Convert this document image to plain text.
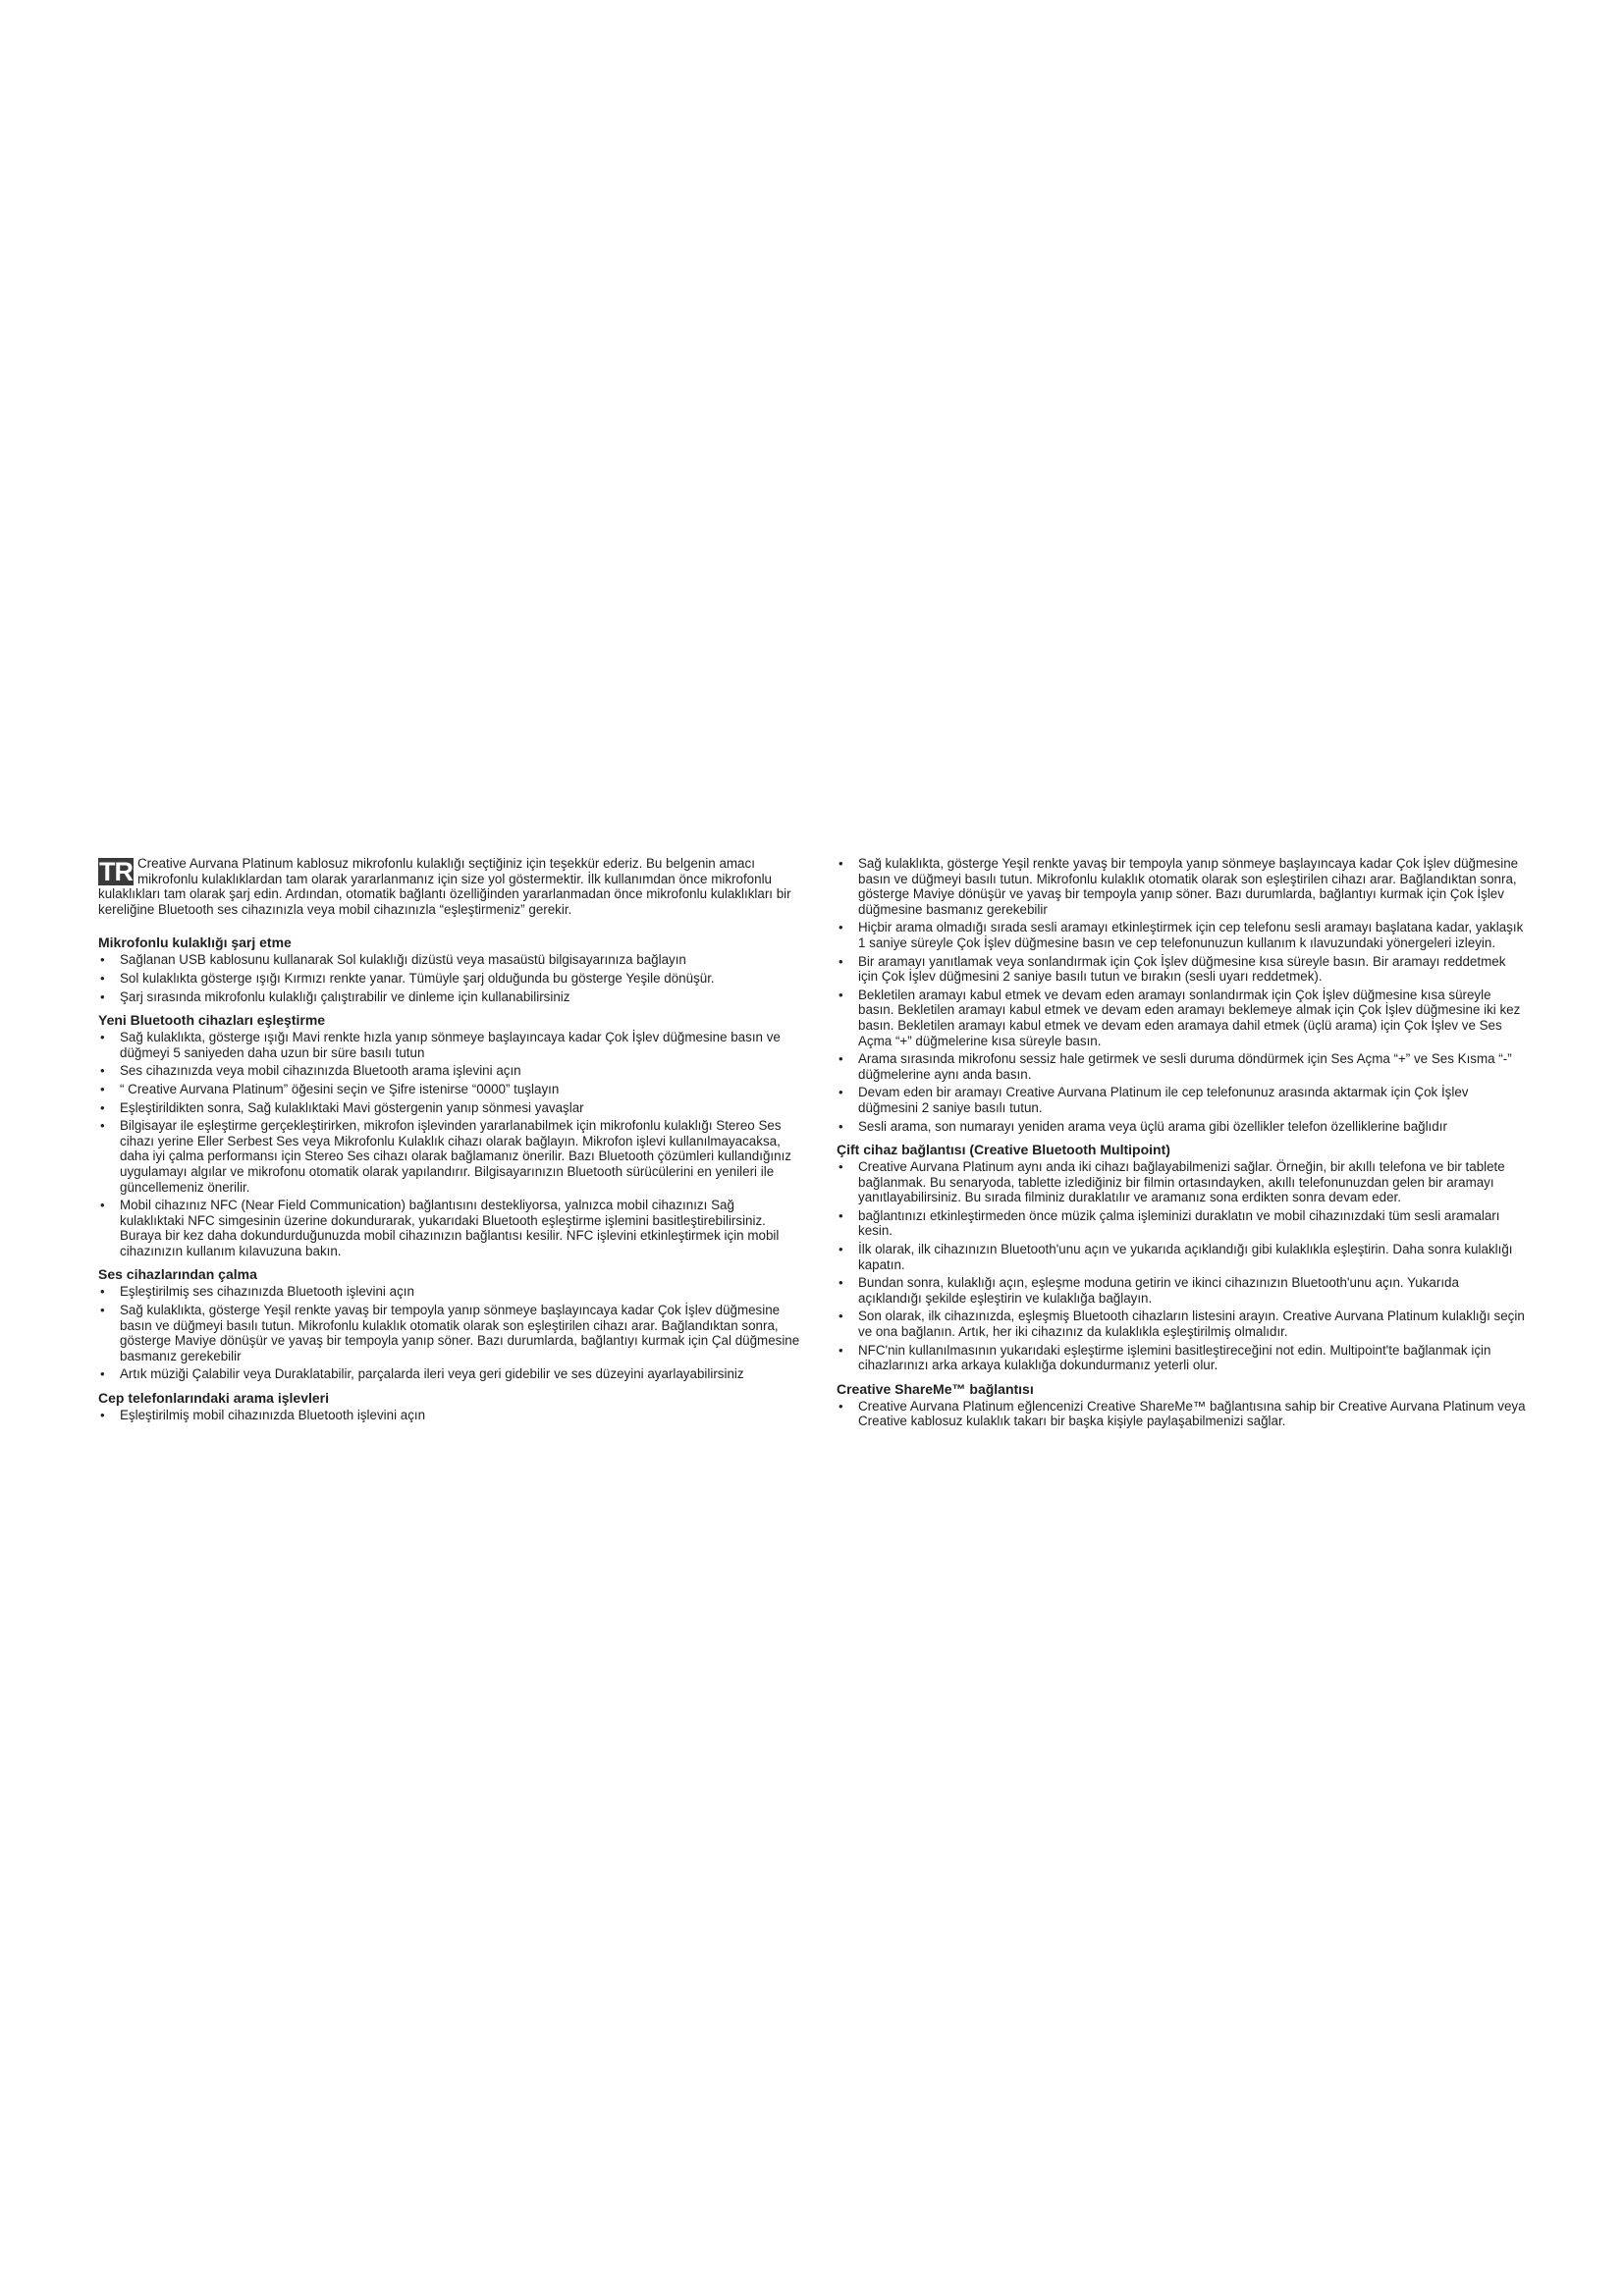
TR Creative Aurvana Platinum kablosuz mikrofonlu kulaklığı seçtiğiniz için teşekkür ederiz. Bu belgenin amacı mikrofonlu kulaklıklardan tam olarak yararlanmanız için size yol göstermektir. İlk kullanımdan önce mikrofonlu kulaklıkları tam olarak şarj edin. Ardından, otomatik bağlantı özelliğinden yararlanmadan önce mikrofonlu kulaklıkları bir kereliğine Bluetooth ses cihazınızla veya mobil cihazınızla “eşleştirmeniz” gerekir.

Mikrofonlu kulaklığı şarj etme
• Sağlanan USB kablosunu kullanarak Sol kulaklığı dizüstü veya masaüstü bilgisayarınıza bağlayın
• Sol kulaklıkta gösterge ışığı Kırmızı renkte yanar. Tümüyle şarj olduğunda bu gösterge Yeşile dönüşür.
• Şarj sırasında mikrofonlu kulaklığı çalıştırabilir ve dinleme için kullanabilirsiniz
Yeni Bluetooth cihazları eşleştirme
• Sağ kulaklıkta, gösterge ışığı Mavi renkte hızla yanıp sönmeye başlayıncaya kadar Çok İşlev düğmesine basın ve düğmeyi 5 saniyeden daha uzun bir süre basılı tutun
• Ses cihazınızda veya mobil cihazınızda Bluetooth arama işlevini açın
• “ Creative Aurvana Platinum” öğesini seçin ve Şifre istenirse “0000” tuşlayın
• Eşleştirildikten sonra, Sağ kulaklıktaki Mavi göstergenin yanıp sönmesi yavaşlar
• Bilgisayar ile eşleştirme gerçekleştirirken, mikrofon işlevinden yararlanabilmek için mikrofonlu kulaklığı Stereo Ses cihazı yerine Eller Serbest Ses veya Mikrofonlu Kulaklık cihazı olarak bağlayın. Mikrofon işlevi kullanılmayacaksa, daha iyi çalma performansı için Stereo Ses cihazı olarak bağlamanız önerilir. Bazı Bluetooth çözümleri kullandığınız uygulamayı algılar ve mikrofonu otomatik olarak yapılandırır. Bilgisayarınızın Bluetooth sürücülerini en yenileri ile güncellemeniz önerilir.
• Mobil cihazınız NFC (Near Field Communication) bağlantısını destekliyorsa, yalnızca mobil cihazınızı Sağ kulaklıktaki NFC simgesinin üzerine dokundurarak, yukarıdaki Bluetooth eşleştirme işlemini basitleştirebilirsiniz. Buraya bir kez daha dokundurduğunuzda mobil cihazınızın bağlantısı kesilir. NFC işlevini etkinleştirmek için mobil cihazınızın kullanım kılavuzuna bakın.
Ses cihazlarından çalma
• Eşleştirilmiş ses cihazınızda Bluetooth işlevini açın
• Sağ kulaklıkta, gösterge Yeşil renkte yavaş bir tempoyla yanıp sönmeye başlayıncaya kadar Çok İşlev düğmesine basın ve düğmeyi basılı tutun. Mikrofonlu kulaklık otomatik olarak son eşleştirilen cihazı arar. Bağlandıktan sonra, gösterge Maviye dönüşür ve yavaş bir tempoyla yanıp söner. Bazı durumlarda, bağlantıyı kurmak için Çal düğmesine basmanız gerekebilir
• Artık müziği Çalabilir veya Duraklatabilir, parçalarda ileri veya geri gidebilir ve ses düzeyini ayarlayabilirsiniz
Cep telefonlarındaki arama işlevleri
• Eşleştirilmiş mobil cihazınızda Bluetooth işlevini açın
• Sağ kulaklıkta, gösterge Yeşil renkte yavaş bir tempoyla yanıp sönmeye başlayıncaya kadar Çok İşlev düğmesine basın ve düğmeyi basılı tutun. Mikrofonlu kulaklık otomatik olarak son eşleştirilen cihazı arar. Bağlandıktan sonra, gösterge Maviye dönüşür ve yavaş bir tempoyla yanıp söner. Bazı durumlarda, bağlantıyı kurmak için Çok İşlev düğmesine basmanız gerekebilir
• Hiçbir arama olmadığı sırada sesli aramayı etkinleştirmek için cep telefonu sesli aramayı başlatana kadar, yaklaşık 1 saniye süreyle Çok İşlev düğmesine basın ve cep telefonunuzun kullanım k ılavuzundaki yönergeleri izleyin.
• Bir aramayı yanıtlamak veya sonlandırmak için Çok İşlev düğmesine kısa süreyle basın. Bir aramayı reddetmek için Çok İşlev düğmesini 2 saniye basılı tutun ve bırakın (sesli uyarı reddetmek).
• Bekletilen aramayı kabul etmek ve devam eden aramayı sonlandırmak için Çok İşlev düğmesine kısa süreyle basın. Bekletilen aramayı kabul etmek ve devam eden aramayı beklemeye almak için Çok İşlev düğmesine iki kez basın. Bekletilen aramayı kabul etmek ve devam eden aramaya dahil etmek (üçlü arama) için Çok İşlev ve Ses Açma “+” düğmelerine kısa süreyle basın.
• Arama sırasında mikrofonu sessiz hale getirmek ve sesli duruma döndürmek için Ses Açma “+” ve Ses Kısma “-” düğmelerine aynı anda basın.
• Devam eden bir aramayı Creative Aurvana Platinum ile cep telefonunuz arasında aktarmak için Çok İşlev düğmesini 2 saniye basılı tutun.
• Sesli arama, son numarayı yeniden arama veya üçlü arama gibi özellikler telefon özelliklerine bağlıdır
Çift cihaz bağlantısı (Creative Bluetooth Multipoint)
• Creative Aurvana Platinum aynı anda iki cihazı bağlayabilmenizi sağlar. Örneğin, bir akıllı telefona ve bir tablete bağlanmak. Bu senaryoda, tablette izlediğiniz bir filmin ortasındayken, akıllı telefonunuzdan gelen bir aramayı yanıtlayabilirsiniz. Bu sırada filminiz duraklatılır ve aramanız sona erdikten sonra devam eder.
• bağlantınızı etkinleştirmeden önce müzik çalma işleminizi duraklatın ve mobil cihazınızdaki tüm sesli aramaları kesin.
• İlk olarak, ilk cihazınızın Bluetooth'unu açın ve yukarıda açıklandığı gibi kulaklıkla eşleştirin. Daha sonra kulaklığı kapatın.
• Bundan sonra, kulaklığı açın, eşleşme moduna getirin ve ikinci cihazınızın Bluetooth'unu açın. Yukarıda açıklandığı şekilde eşleştirin ve kulaklığa bağlayın.
• Son olarak, ilk cihazınızda, eşleşmiş Bluetooth cihazların listesini arayın. Creative Aurvana Platinum kulaklığı seçin ve ona bağlanın. Artık, her iki cihazınız da kulaklıkla eşleştirilmiş olmalıdır.
• NFC'nin kullanılmasının yukarıdaki eşleştirme işlemini basitleştireceğini not edin. Multipoint'te bağlanmak için cihazlarınızı arka arkaya kulaklığa dokundurmanız yeterli olur.
Creative ShareMe™ bağlantısı
• Creative Aurvana Platinum eğlencenizi Creative ShareMe™ bağlantısına sahip bir Creative Aurvana Platinum veya Creative kablosuz kulaklık takarı bir başka kişiyle paylaşabilmenizi sağlar.
